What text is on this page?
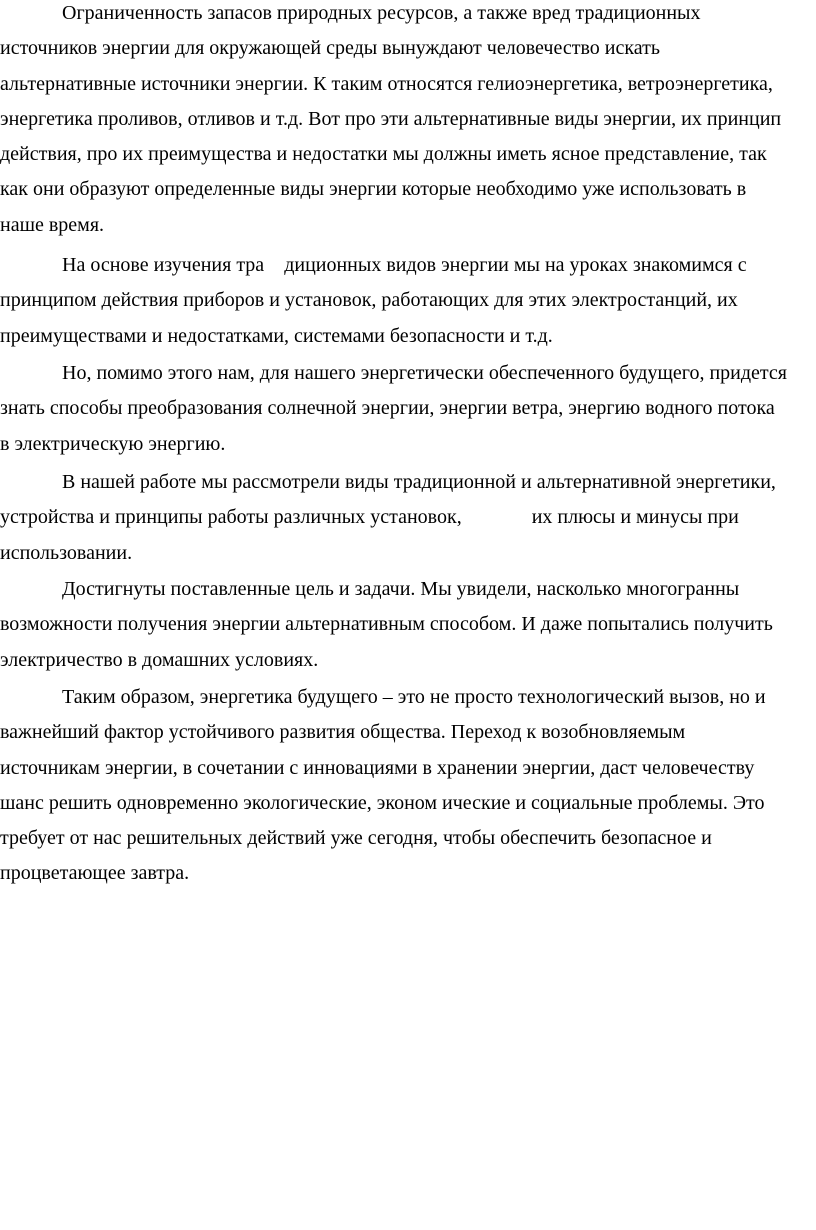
Ограниченность запасов природных ресурсов, а также вред традиционных
источников энергии для окружающей среды вынуждают человечество искать
альтернативные источники энергии. К таким относятся гелиоэнергетика, ветроэнергетика,
энергетика проливов, отливов и т.д. Вот про эти альтернативные виды энергии, их принцип
действия, про их преимущества и недостатки мы должны иметь ясное представление, так
как они образуют определенные виды энергии которые необходимо уже использовать в
наше время.
На основе изучения тра    диционных видов энергии мы на уроках знакомимся с
принципом действия приборов и установок, работающих для этих электростанций, их
преимуществами и недостатками, системами безопасности и т.д.
Но, помимо этого нам, для нашего энергетически обеспеченного будущего, придется
знать способы преобразования солнечной энергии, энергии ветра, энергию водного потока
в электрическую энергию.
В нашей работе мы рассмотрели виды традиционной и альтернативной энергетики,
устройства и принципы работы различных установок,              их плюсы и минусы при
использовании.
Достигнуты поставленные цель и задачи. Мы увидели, насколько многогранны
возможности получения энергии альтернативным способом. И даже попытались получить
электричество в домашних условиях.
Таким образом, энергетика будущего – это не просто технологический вызов, но и
важнейший фактор устойчивого развития общества. Переход к возобновляемым
источникам энергии, в сочетании с инновациями в хранении энергии, даст человечеству
шанс решить одновременно экологические, эконом ические и социальные проблемы. Это
требует от нас решительных действий уже сегодня, чтобы обеспечить безопасное и
процветающее завтра.
